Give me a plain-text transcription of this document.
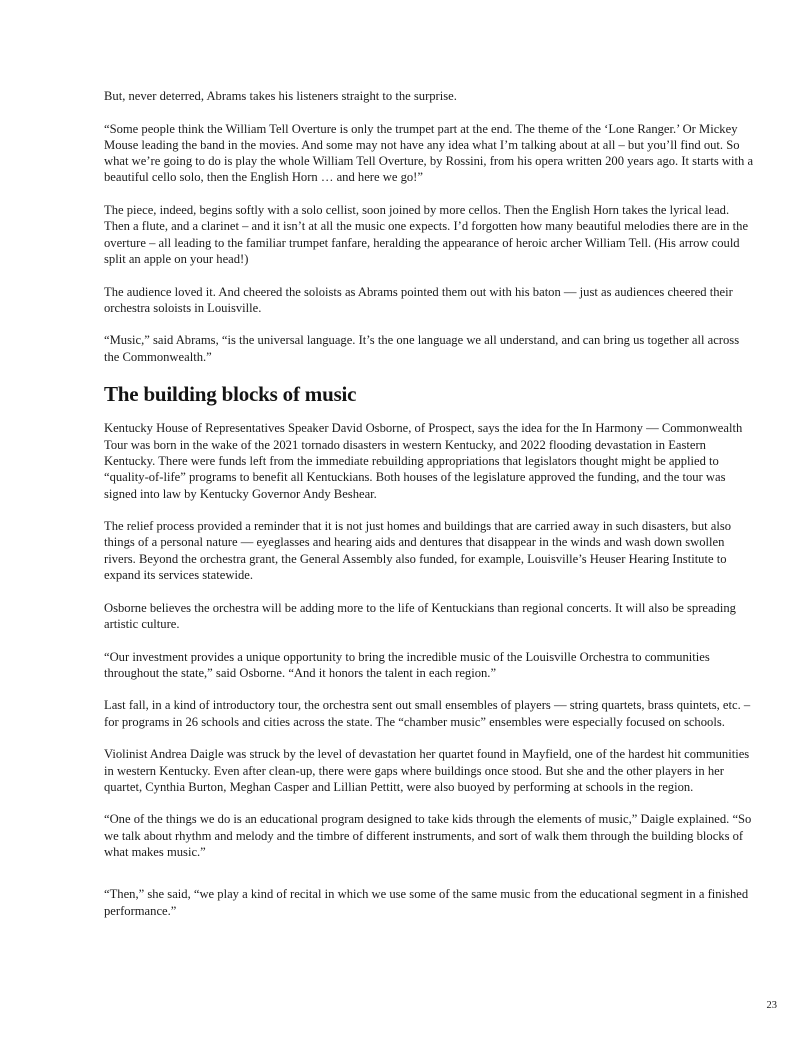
But, never deterred, Abrams takes his listeners straight to the surprise.

“Some people think the William Tell Overture is only the trumpet part at the end. The theme of the ‘Lone Ranger.’ Or Mickey Mouse leading the band in the movies. And some may not have any idea what I’m talking about at all – but you’ll find out. So what we’re going to do is play the whole William Tell Overture, by Rossini, from his opera written 200 years ago. It starts with a beautiful cello solo, then the English Horn … and here we go!”

The piece, indeed, begins softly with a solo cellist, soon joined by more cellos. Then the English Horn takes the lyrical lead. Then a flute, and a clarinet – and it isn’t at all the music one expects. I’d forgotten how many beautiful melodies there are in the overture – all leading to the familiar trumpet fanfare, heralding the appearance of heroic archer William Tell. (His arrow could split an apple on your head!)

The audience loved it. And cheered the soloists as Abrams pointed them out with his baton — just as audiences cheered their orchestra soloists in Louisville.

“Music,” said Abrams, “is the universal language. It’s the one language we all understand, and can bring us together all across the Commonwealth.”

The building blocks of music

Kentucky House of Representatives Speaker David Osborne, of Prospect, says the idea for the In Harmony — Commonwealth Tour was born in the wake of the 2021 tornado disasters in western Kentucky, and 2022 flooding devastation in Eastern Kentucky. There were funds left from the immediate rebuilding appropriations that legislators thought might be applied to “quality-of-life” programs to benefit all Kentuckians. Both houses of the legislature approved the funding, and the tour was signed into law by Kentucky Governor Andy Beshear.

The relief process provided a reminder that it is not just homes and buildings that are carried away in such disasters, but also things of a personal nature — eyeglasses and hearing aids and dentures that disappear in the winds and wash down swollen rivers. Beyond the orchestra grant, the General Assembly also funded, for example, Louisville’s Heuser Hearing Institute to expand its services statewide.

Osborne believes the orchestra will be adding more to the life of Kentuckians than regional concerts. It will also be spreading artistic culture.

“Our investment provides a unique opportunity to bring the incredible music of the Louisville Orchestra to communities throughout the state,” said Osborne. “And it honors the talent in each region.”

Last fall, in a kind of introductory tour, the orchestra sent out small ensembles of players — string quartets, brass quintets, etc. – for programs in 26 schools and cities across the state. The “chamber music” ensembles were especially focused on schools.

Violinist Andrea Daigle was struck by the level of devastation her quartet found in Mayfield, one of the hardest hit communities in western Kentucky. Even after clean-up, there were gaps where buildings once stood. But she and the other players in her quartet, Cynthia Burton, Meghan Casper and Lillian Pettitt, were also buoyed by performing at schools in the region.

“One of the things we do is an educational program designed to take kids through the elements of music,” Daigle explained. “So we talk about rhythm and melody and the timbre of different instruments, and sort of walk them through the building blocks of what makes music.”

“Then,” she said, “we play a kind of recital in which we use some of the same music from the educational segment in a finished performance.”

23
